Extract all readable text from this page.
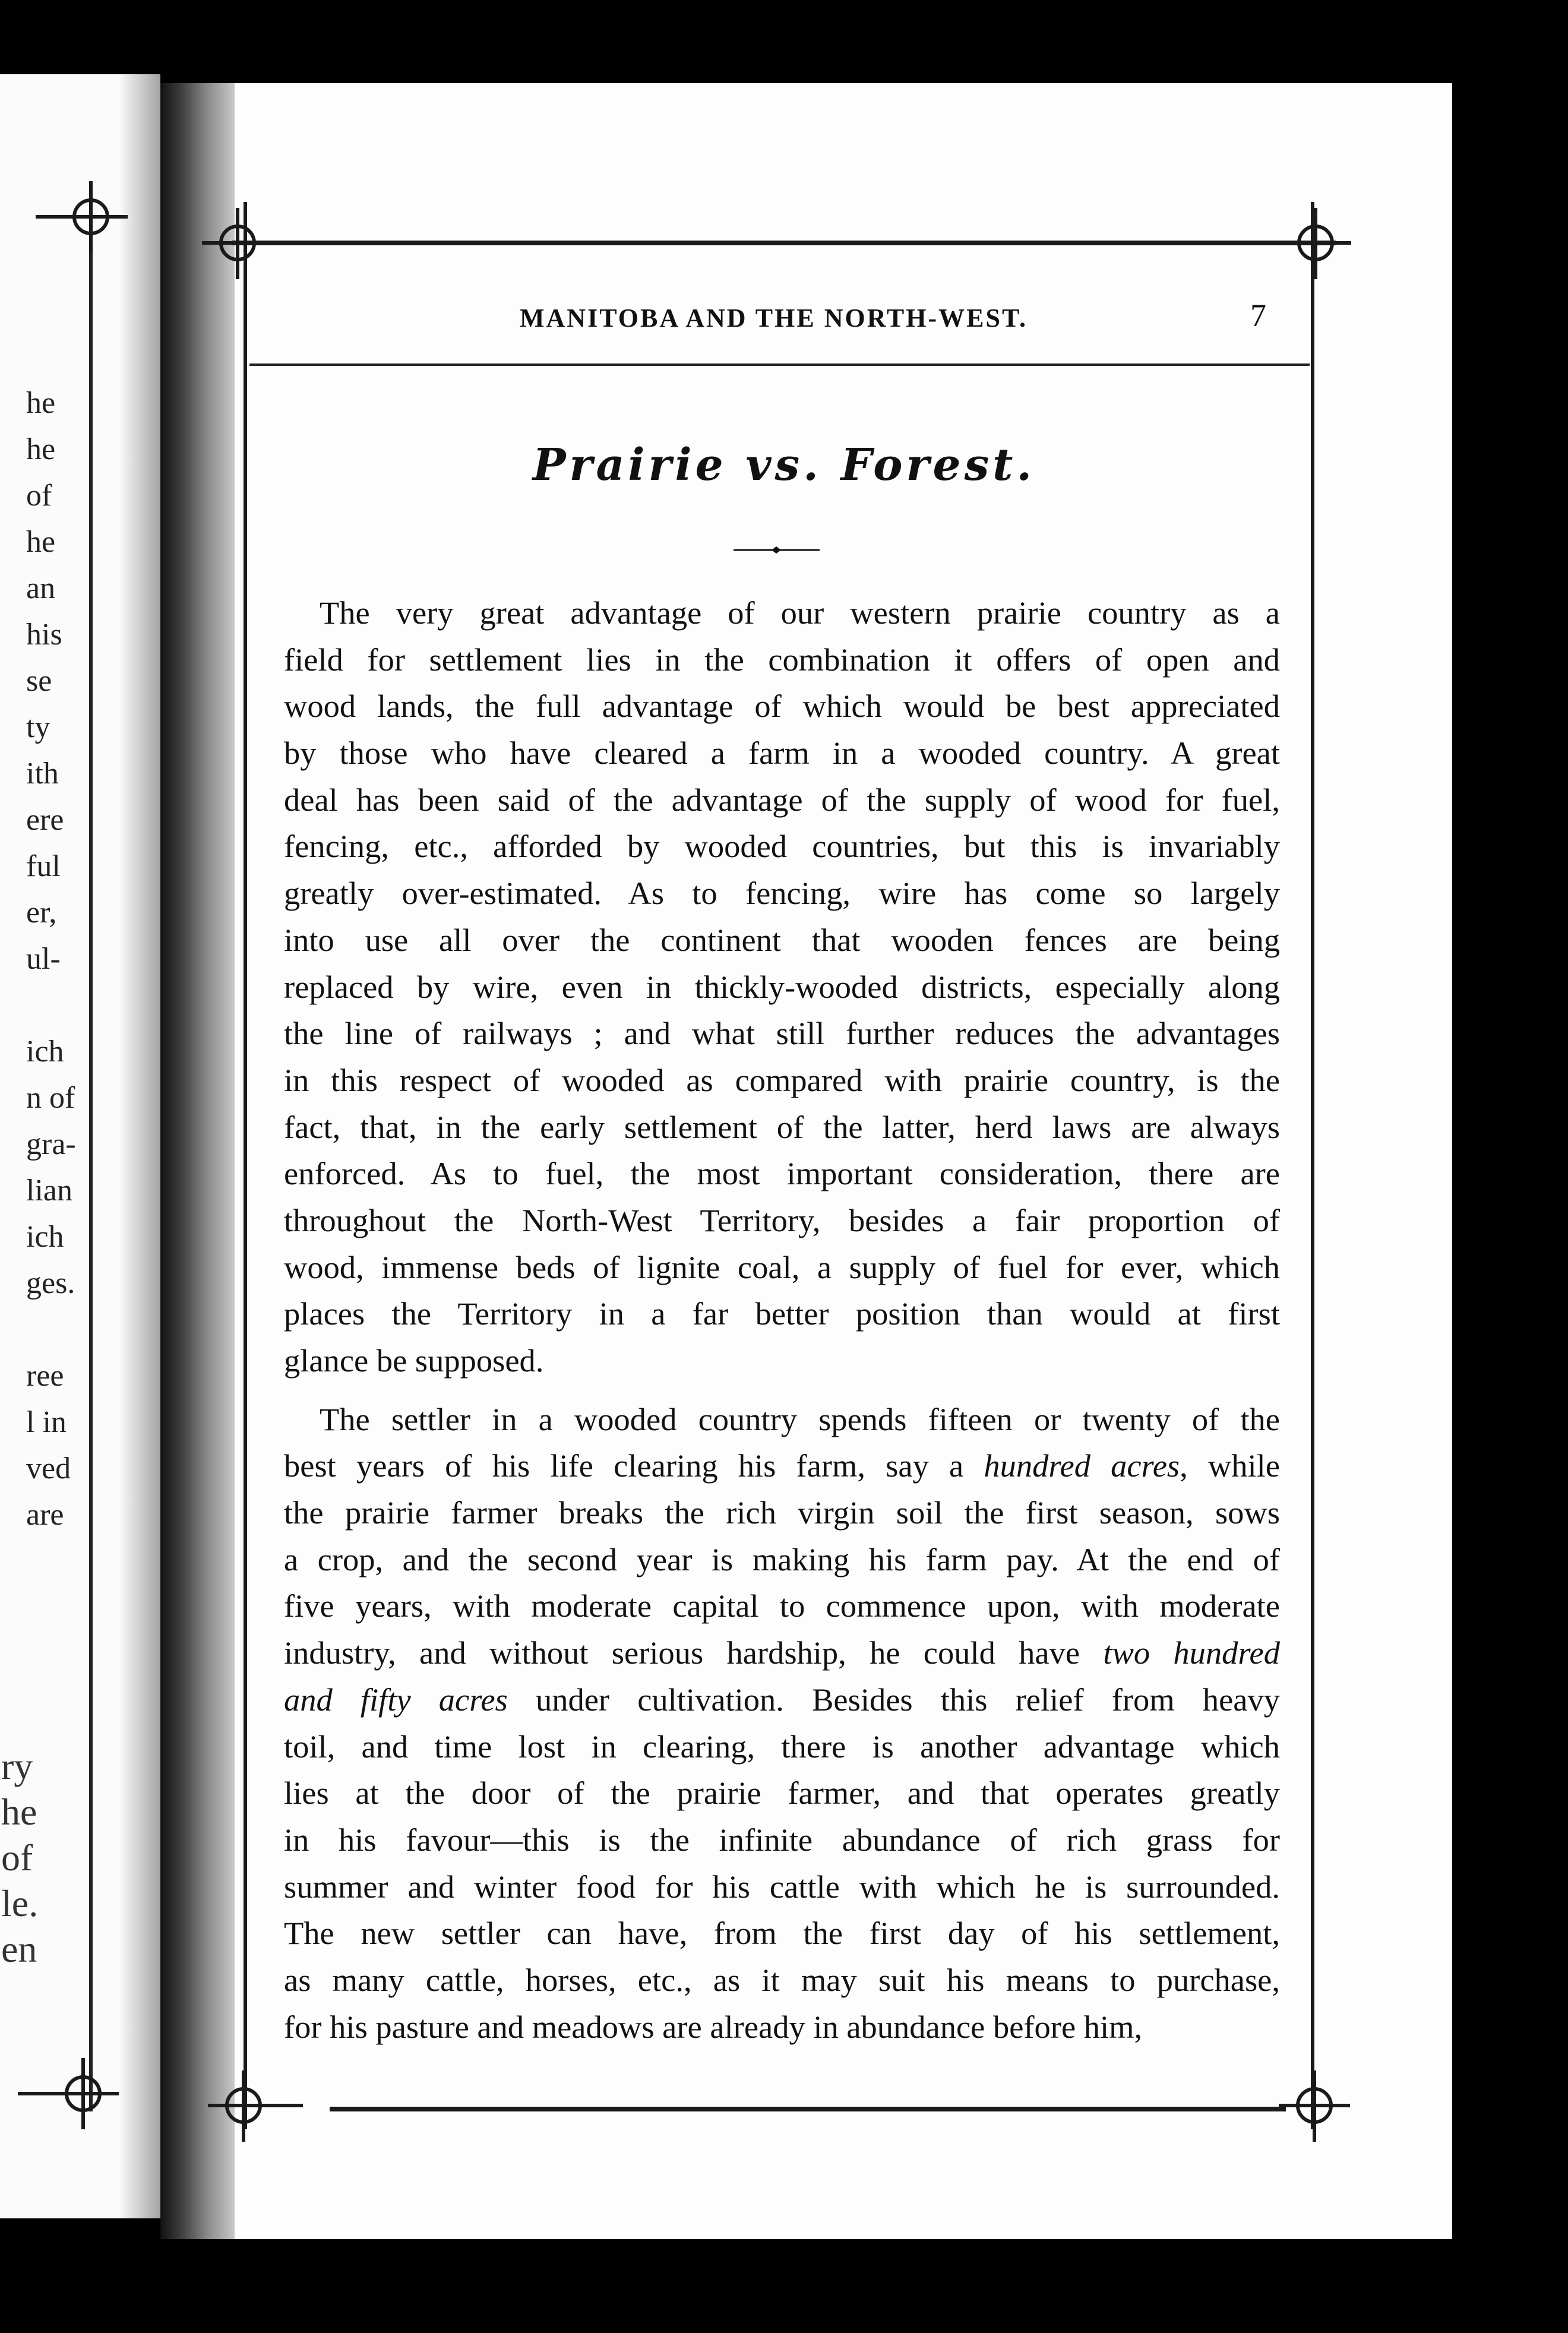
he
he
of
he
an
his
se
ty
ith
ere
ful
er,
ul-
ich
n of
gra-
lian
ich
ges.
ree
l in
ved
are
ry
he
of
le.
en
MANITOBA AND THE NORTH-WEST.	7
Prairie vs. Forest.

The very great advantage of our western prairie country as a
field for settlement lies in the combination it offers of open and
wood lands, the full advantage of which would be best appreciated
by those who have cleared a farm in a wooded country. A great
deal has been said of the advantage of the supply of wood for fuel,
fencing, etc., afforded by wooded countries, but this is invariably
greatly over-estimated. As to fencing, wire has come so largely
into use all over the continent that wooden fences are being
replaced by wire, even in thickly-wooded districts, especially along
the line of railways ; and what still further reduces the advantages
in this respect of wooded as compared with prairie country, is the
fact, that, in the early settlement of the latter, herd laws are always
enforced. As to fuel, the most important consideration, there are
throughout the North-West Territory, besides a fair proportion of
wood, immense beds of lignite coal, a supply of fuel for ever, which
places the Territory in a far better position than would at first
glance be supposed.

The settler in a wooded country spends fifteen or twenty of the
best years of his life clearing his farm, say a hundred acres, while
the prairie farmer breaks the rich virgin soil the first season, sows
a crop, and the second year is making his farm pay. At the end of
five years, with moderate capital to commence upon, with moderate
industry, and without serious hardship, he could have two hundred
and fifty acres under cultivation. Besides this relief from heavy
toil, and time lost in clearing, there is another advantage which
lies at the door of the prairie farmer, and that operates greatly
in his favour—this is the infinite abundance of rich grass for
summer and winter food for his cattle with which he is surrounded.
The new settler can have, from the first day of his settlement,
as many cattle, horses, etc., as it may suit his means to purchase,
for his pasture and meadows are already in abundance before him,
